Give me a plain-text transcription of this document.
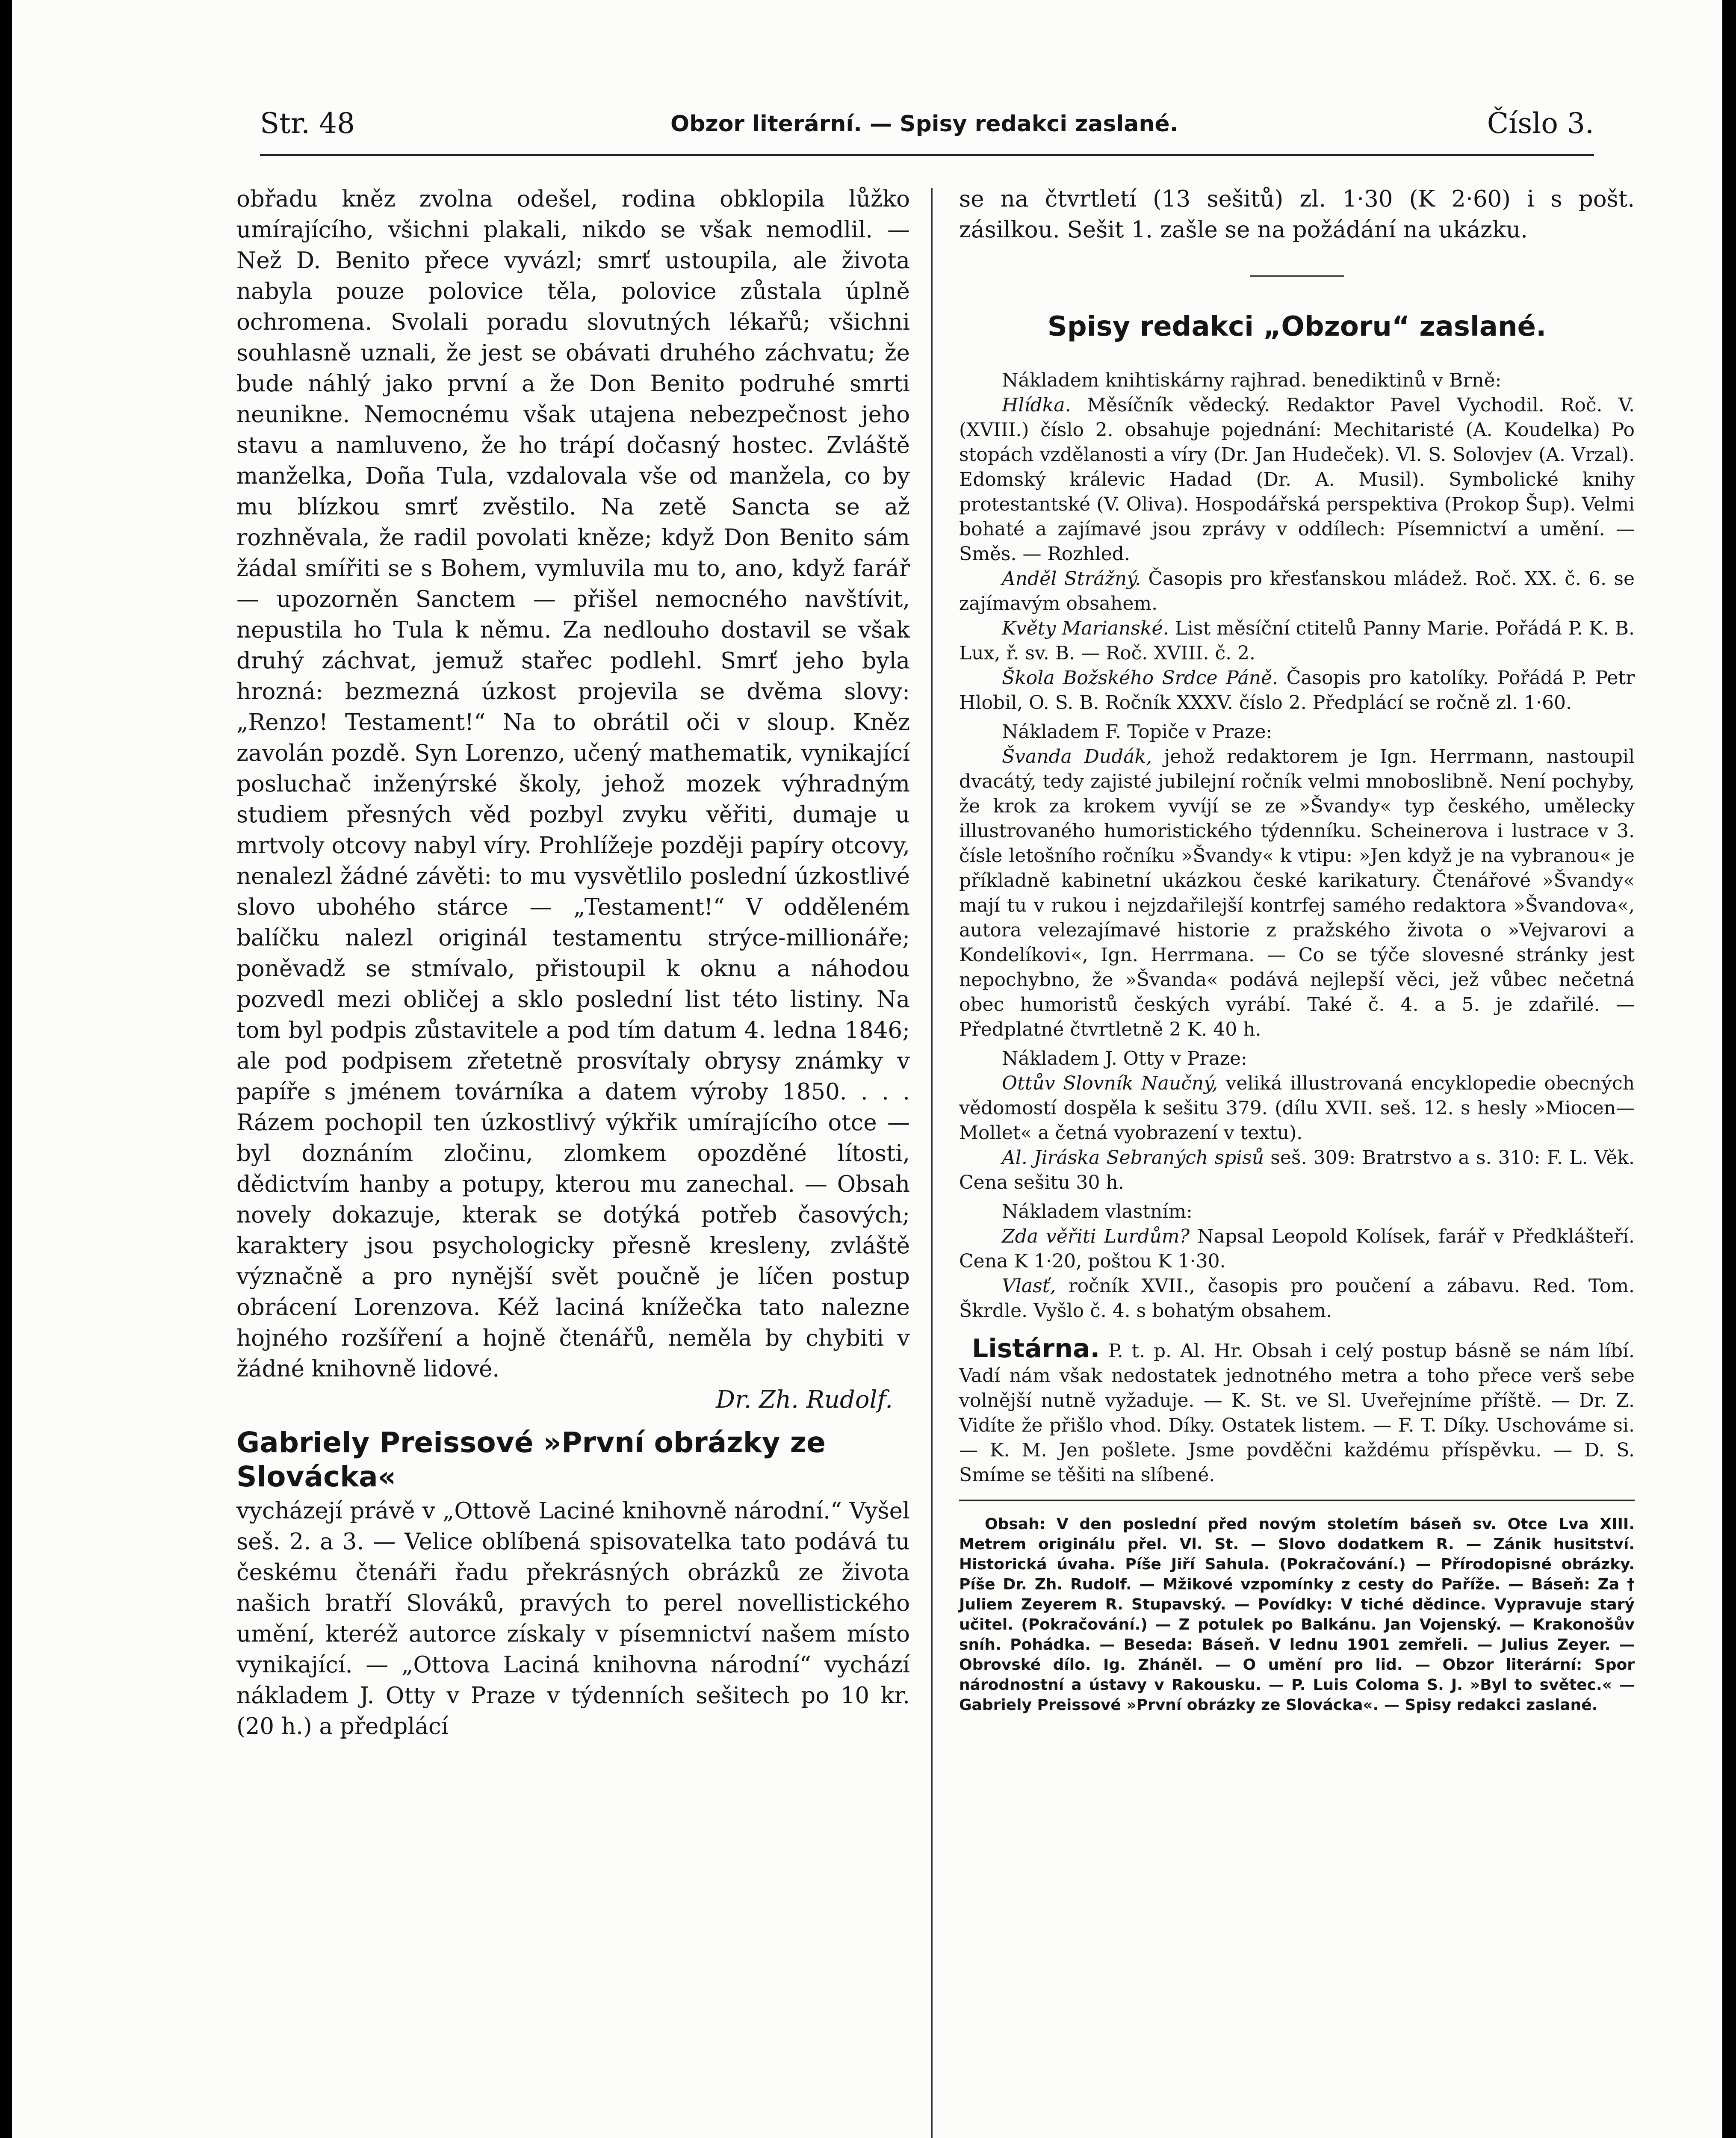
Str. 48	Obzor literární. — Spisy redakci zaslané.	Číslo 3.

obřadu kněz zvolna odešel, rodina obklopila lůžko umírajícího, všichni plakali, nikdo se však nemodlil. — Než D. Benito přece vyvázl; smrť ustoupila, ale života nabyla pouze polovice těla, polovice zůstala úplně ochromena. Svolali poradu slovutných lékařů; všichni souhlasně uznali, že jest se obávati druhého záchvatu; že bude náhlý jako první a že Don Benito podruhé smrti neunikne. Nemocnému však utajena nebezpečnost jeho stavu a namluveno, že ho trápí dočasný hostec. Zvláště manželka, Doña Tula, vzdalovala vše od manžela, co by mu blízkou smrť zvěstilo. Na zetě Sancta se až rozhněvala, že radil povolati kněze; když Don Benito sám žádal smířiti se s Bohem, vymluvila mu to, ano, když farář — upozorněn Sanctem — přišel nemocného navštívit, nepustila ho Tula k němu. Za nedlouho dostavil se však druhý záchvat, jemuž stařec podlehl. Smrť jeho byla hrozná: bezmezná úzkost projevila se dvěma slovy: „Renzo! Testament!“ Na to obrátil oči v sloup. Kněz zavolán pozdě. Syn Lorenzo, učený mathematik, vynikající posluchač inženýrské školy, jehož mozek výhradným studiem přesných věd pozbyl zvyku věřiti, dumaje u mrtvoly otcovy nabyl víry. Prohlížeje později papíry otcovy, nenalezl žádné závěti: to mu vysvětlilo poslední úzkostlivé slovo ubohého stárce — „Testament!“ V odděleném balíčku nalezl originál testamentu strýce-millionáře; poněvadž se stmívalo, přistoupil k oknu a náhodou pozvedl mezi obličej a sklo poslední list této listiny. Na tom byl podpis zůstavitele a pod tím datum 4. ledna 1846; ale pod podpisem zřetetně prosvítaly obrysy známky v papíře s jménem továrníka a datem výroby 1850. . . . Rázem pochopil ten úzkostlivý výkřik umírajícího otce — byl doznáním zločinu, zlomkem opozděné lítosti, dědictvím hanby a potupy, kterou mu zanechal. — Obsah novely dokazuje, kterak se dotýká potřeb časových; karaktery jsou psychologicky přesně kresleny, zvláště význačně a pro nynější svět poučně je líčen postup obrácení Lorenzova. Kéž laciná knížečka tato nalezne hojného rozšíření a hojně čtenářů, neměla by chybiti v žádné knihovně lidové.

Dr. Zh. Rudolf.
Gabriely Preissové »První obrázky ze Slovácka«

vycházejí právě v „Ottově Laciné knihovně národní.“ Vyšel seš. 2. a 3. — Velice oblíbená spisovatelka tato podává tu českému čtenáři řadu překrásných obrázků ze života našich bratří Slováků, pravých to perel novellistického umění, kteréž autorce získaly v písemnictví našem místo vynikající. — „Ottova Laciná knihovna národní“ vychází nákladem J. Otty v Praze v týdenních sešitech po 10 kr. (20 h.) a předplácí

se na čtvrtletí (13 sešitů) zl. 1·30 (K 2·60) i s pošt. zásilkou. Sešit 1. zašle se na požádání na ukázku.

Spisy redakci „Obzoru“ zaslané.

Nákladem knihtiskárny rajhrad. benediktinů v Brně:

Hlídka. Měsíčník vědecký. Redaktor Pavel Vychodil. Roč. V. (XVIII.) číslo 2. obsahuje pojednání: Mechitaristé (A. Koudelka) Po stopách vzdělanosti a víry (Dr. Jan Hudeček). Vl. S. Solovjev (A. Vrzal). Edomský králevic Hadad (Dr. A. Musil). Symbolické knihy protestantské (V. Oliva). Hospodářská perspektiva (Prokop Šup). Velmi bohaté a zajímavé jsou zprávy v oddílech: Písemnictví a umění. — Směs. — Rozhled.

Anděl Strážný. Časopis pro křesťanskou mládež. Roč. XX. č. 6. se zajímavým obsahem.

Květy Marianské. List měsíční ctitelů Panny Marie. Pořádá P. K. B. Lux, ř. sv. B. — Roč. XVIII. č. 2.

Škola Božského Srdce Páně. Časopis pro katolíky. Pořádá P. Petr Hlobil, O. S. B. Ročník XXXV. číslo 2. Předplácí se ročně zl. 1·60.

Nákladem F. Topiče v Praze:

Švanda Dudák, jehož redaktorem je Ign. Herrmann, nastoupil dvacátý, tedy zajisté jubilejní ročník velmi mnoboslibně. Není pochyby, že krok za krokem vyvíjí se ze »Švandy« typ českého, umělecky illustrovaného humoristického týdenníku. Scheinerova i lustrace v 3. čísle letošního ročníku »Švandy« k vtipu: »Jen když je na vybranou« je příkladně kabinetní ukázkou české karikatury. Čtenářové »Švandy« mají tu v rukou i nejzdařilejší kontrfej samého redaktora »Švandova«, autora velezajímavé historie z pražského života o »Vejvarovi a Kondelíkovi«, Ign. Herrmana. — Co se týče slovesné stránky jest nepochybno, že »Švanda« podává nejlepší věci, jež vůbec nečetná obec humoristů českých vyrábí. Také č. 4. a 5. je zdařilé. — Předplatné čtvrtletně 2 K. 40 h.

Nákladem J. Otty v Praze:

Ottův Slovník Naučný, veliká illustrovaná encyklopedie obecných vědomostí dospěla k sešitu 379. (dílu XVII. seš. 12. s hesly »Miocen—Mollet« a četná vyobrazení v textu).

Al. Jiráska Sebraných spisů seš. 309: Bratrstvo a s. 310: F. L. Věk. Cena sešitu 30 h.

Nákladem vlastním:

Zda věřiti Lurdům? Napsal Leopold Kolísek, farář v Předklášteří. Cena K 1·20, poštou K 1·30.

Vlasť, ročník XVII., časopis pro poučení a zábavu. Red. Tom. Škrdle. Vyšlo č. 4. s bohatým obsahem.

Listárna. P. t. p. Al. Hr. Obsah i celý postup básně se nám líbí. Vadí nám však nedostatek jednotného metra a toho přece verš sebe volnější nutně vyžaduje. — K. St. ve Sl. Uveřejníme příště. — Dr. Z. Vidíte že přišlo vhod. Díky. Ostatek listem. — F. T. Díky. Uschováme si. — K. M. Jen pošlete. Jsme povděčni každému příspěvku. — D. S. Smíme se těšiti na slíbené.
Obsah: V den poslední před novým stoletím báseň sv. Otce Lva XIII. Metrem originálu přel. Vl. St. — Slovo dodatkem R. — Zánik husitství. Historická úvaha. Píše Jiří Sahula. (Pokračování.) — Přírodopisné obrázky. Píše Dr. Zh. Rudolf. — Mžikové vzpomínky z cesty do Paříže. — Báseň: Za † Juliem Zeyerem R. Stupavský. — Povídky: V tiché dědince. Vypravuje starý učitel. (Pokračování.) — Z potulek po Balkánu. Jan Vojenský. — Krakonošův sníh. Pohádka. — Beseda: Báseň. V lednu 1901 zemřeli. — Julius Zeyer. — Obrovské dílo. Ig. Zháněl. — O umění pro lid. — Obzor literární: Spor národnostní a ústavy v Rakousku. — P. Luis Coloma S. J. »Byl to světec.« — Gabriely Preissové »První obrázky ze Slovácka«. — Spisy redakci zaslané.
